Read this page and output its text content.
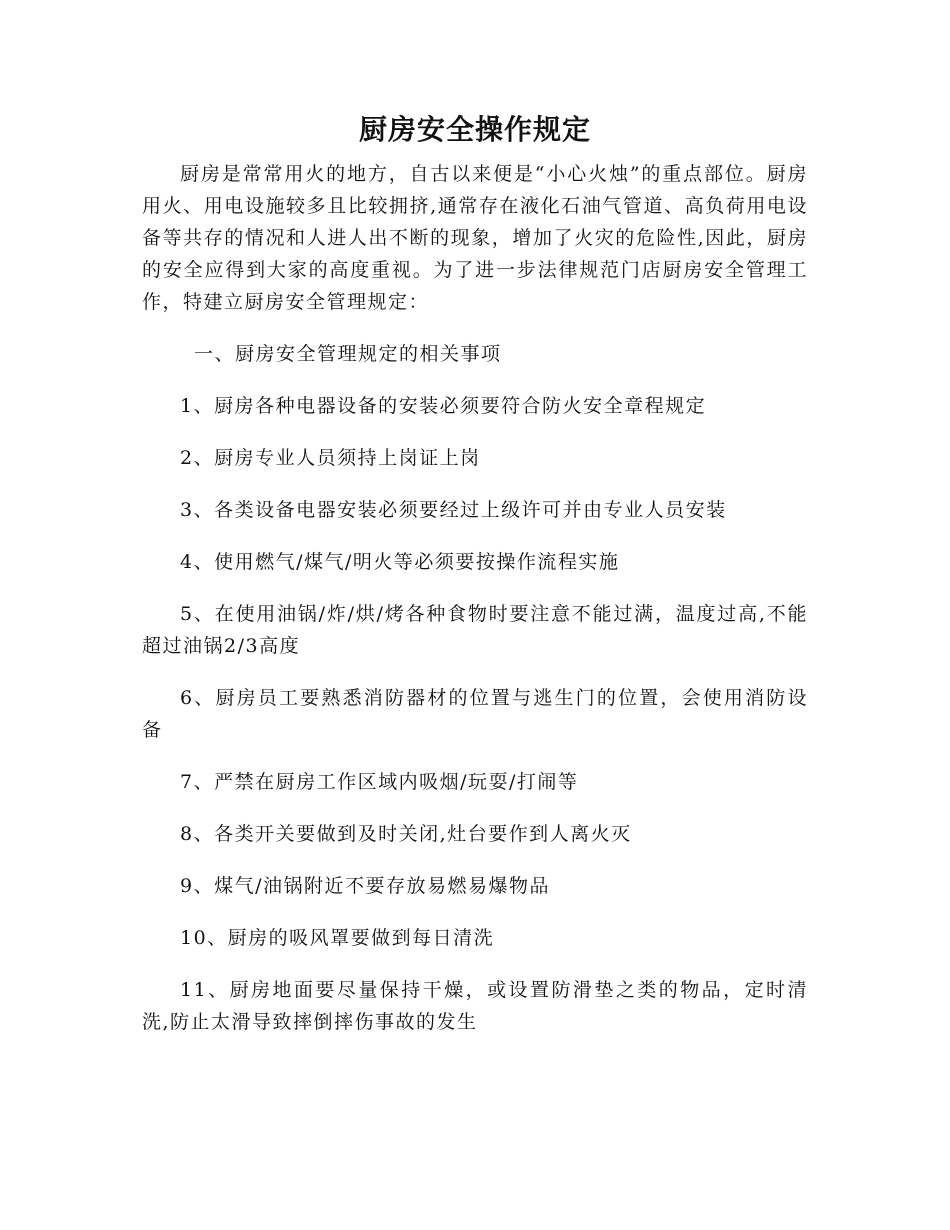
厨房安全操作规定

厨房是常常用火的地方，自古以来便是“小心火烛”的重点部位。厨房用火、用电设施较多且比较拥挤,通常存在液化石油气管道、高负荷用电设备等共存的情况和人进人出不断的现象，增加了火灾的危险性,因此，厨房的安全应得到大家的高度重视。为了进一步法律规范门店厨房安全管理工作，特建立厨房安全管理规定：

一、厨房安全管理规定的相关事项

1、厨房各种电器设备的安装必须要符合防火安全章程规定

2、厨房专业人员须持上岗证上岗

3、各类设备电器安装必须要经过上级许可并由专业人员安装

4、使用燃气/煤气/明火等必须要按操作流程实施

5、在使用油锅/炸/烘/烤各种食物时要注意不能过满，温度过高,不能超过油锅2/3高度

6、厨房员工要熟悉消防器材的位置与逃生门的位置，会使用消防设备

7、严禁在厨房工作区域内吸烟/玩耍/打闹等

8、各类开关要做到及时关闭,灶台要作到人离火灭

9、煤气/油锅附近不要存放易燃易爆物品

10、厨房的吸风罩要做到每日清洗

11、厨房地面要尽量保持干燥，或设置防滑垫之类的物品，定时清洗,防止太滑导致摔倒摔伤事故的发生
